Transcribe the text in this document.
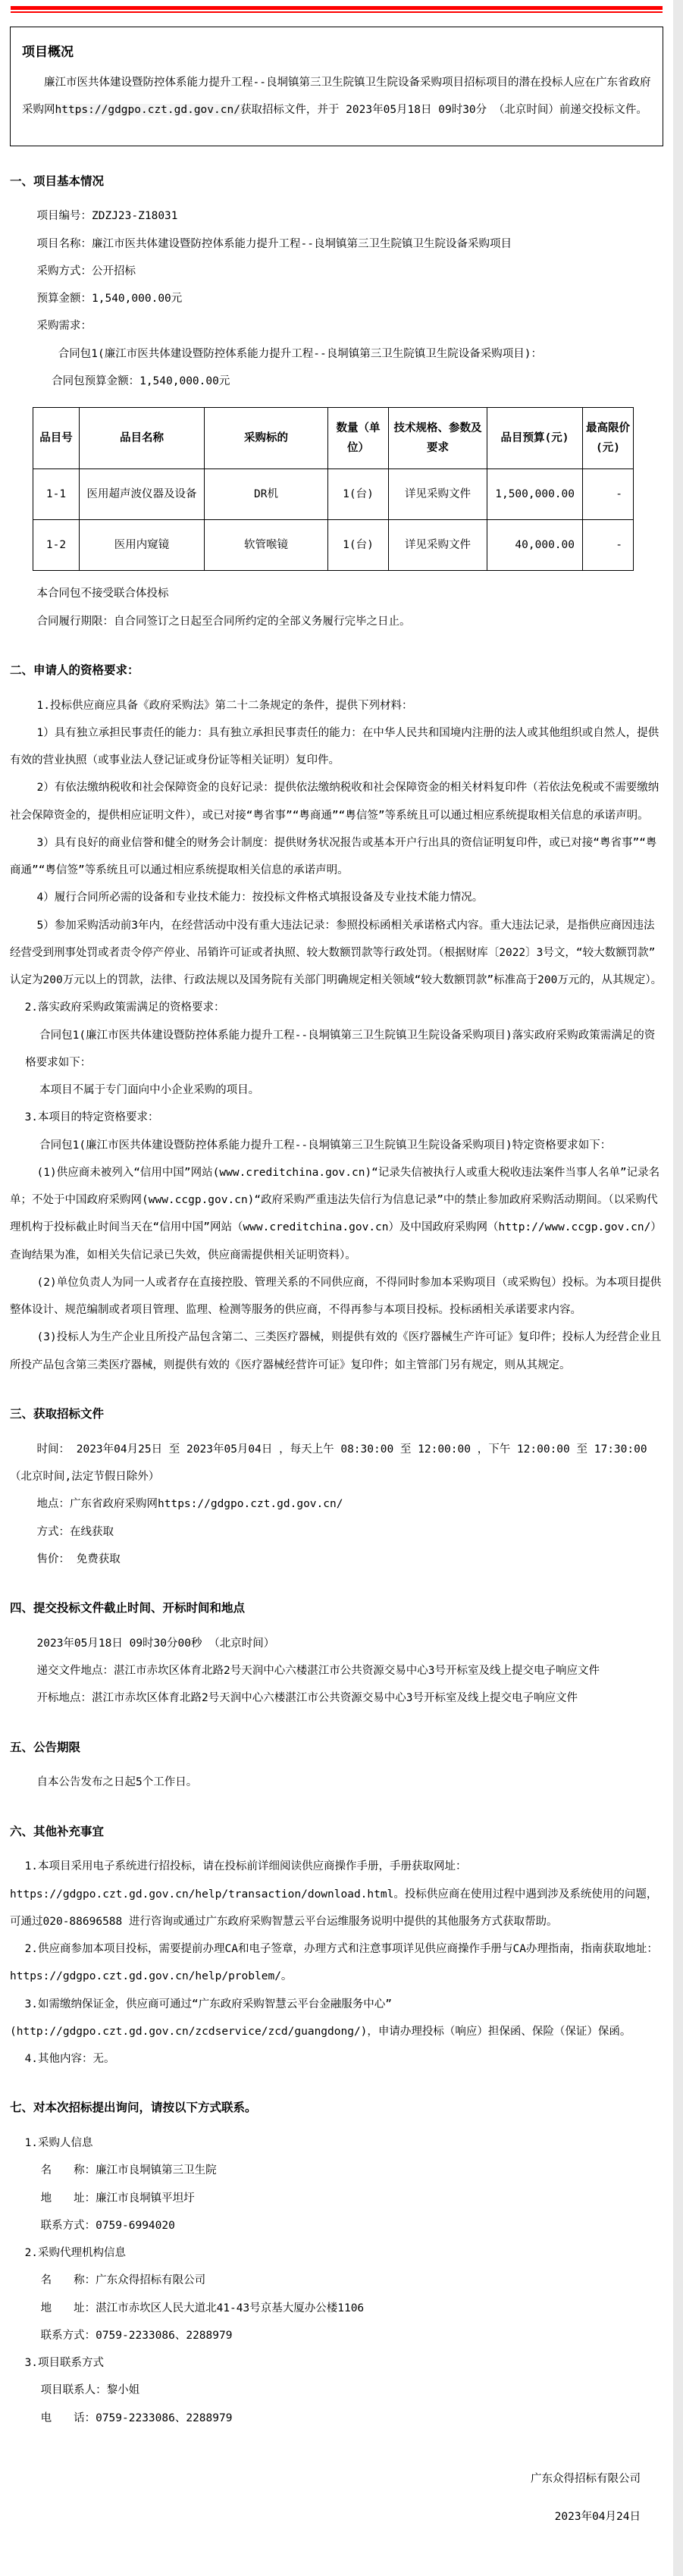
项目概况

廉江市医共体建设暨防控体系能力提升工程--良垌镇第三卫生院镇卫生院设备采购项目招标项目的潜在投标人应在广东省政府采购网https://gdgpo.czt.gd.gov.cn/获取招标文件，并于 2023年05月18日 09时30分 （北京时间）前递交投标文件。

一、项目基本情况

项目编号：ZDZJ23-Z18031

项目名称：廉江市医共体建设暨防控体系能力提升工程--良垌镇第三卫生院镇卫生院设备采购项目

采购方式：公开招标

预算金额：1,540,000.00元

采购需求：

合同包1(廉江市医共体建设暨防控体系能力提升工程--良垌镇第三卫生院镇卫生院设备采购项目)：

合同包预算金额：1,540,000.00元

品目号	品目名称	采购标的	数量（单位）	技术规格、参数及要求	品目预算(元)	最高限价(元)
1-1	医用超声波仪器及设备	DR机	1(台)	详见采购文件	1,500,000.00	-
1-2	医用内窥镜	软管喉镜	1(台)	详见采购文件	40,000.00	-

本合同包不接受联合体投标

合同履行期限：自合同签订之日起至合同所约定的全部义务履行完毕之日止。

二、申请人的资格要求：

1.投标供应商应具备《政府采购法》第二十二条规定的条件，提供下列材料：

1）具有独立承担民事责任的能力：具有独立承担民事责任的能力：在中华人民共和国境内注册的法人或其他组织或自然人，提供有效的营业执照（或事业法人登记证或身份证等相关证明）复印件。

2）有依法缴纳税收和社会保障资金的良好记录：提供依法缴纳税收和社会保障资金的相关材料复印件（若依法免税或不需要缴纳社会保障资金的，提供相应证明文件），或已对接“粤省事”“粤商通”“粤信签”等系统且可以通过相应系统提取相关信息的承诺声明。

3）具有良好的商业信誉和健全的财务会计制度：提供财务状况报告或基本开户行出具的资信证明复印件，或已对接“粤省事”“粤商通”“粤信签”等系统且可以通过相应系统提取相关信息的承诺声明。

4）履行合同所必需的设备和专业技术能力：按投标文件格式填报设备及专业技术能力情况。

5）参加采购活动前3年内，在经营活动中没有重大违法记录：参照投标函相关承诺格式内容。重大违法记录，是指供应商因违法经营受到刑事处罚或者责令停产停业、吊销许可证或者执照、较大数额罚款等行政处罚。（根据财库〔2022〕3号文，“较大数额罚款”认定为200万元以上的罚款，法律、行政法规以及国务院有关部门明确规定相关领域“较大数额罚款”标准高于200万元的，从其规定）。

2.落实政府采购政策需满足的资格要求：

合同包1(廉江市医共体建设暨防控体系能力提升工程--良垌镇第三卫生院镇卫生院设备采购项目)落实政府采购政策需满足的资格要求如下：

本项目不属于专门面向中小企业采购的项目。

3.本项目的特定资格要求：

合同包1(廉江市医共体建设暨防控体系能力提升工程--良垌镇第三卫生院镇卫生院设备采购项目)特定资格要求如下：

(1)供应商未被列入“信用中国”网站(www.creditchina.gov.cn)“记录失信被执行人或重大税收违法案件当事人名单”记录名单；不处于中国政府采购网(www.ccgp.gov.cn)“政府采购严重违法失信行为信息记录”中的禁止参加政府采购活动期间。（以采购代理机构于投标截止时间当天在“信用中国”网站（www.creditchina.gov.cn）及中国政府采购网（http://www.ccgp.gov.cn/）查询结果为准，如相关失信记录已失效，供应商需提供相关证明资料）。

(2)单位负责人为同一人或者存在直接控股、管理关系的不同供应商，不得同时参加本采购项目（或采购包）投标。为本项目提供整体设计、规范编制或者项目管理、监理、检测等服务的供应商，不得再参与本项目投标。投标函相关承诺要求内容。

(3)投标人为生产企业且所投产品包含第二、三类医疗器械，则提供有效的《医疗器械生产许可证》复印件；投标人为经营企业且所投产品包含第三类医疗器械，则提供有效的《医疗器械经营许可证》复印件；如主管部门另有规定，则从其规定。

三、获取招标文件

时间： 2023年04月25日 至 2023年05月04日 ，每天上午 08:30:00 至 12:00:00 ，下午 12:00:00 至 17:30:00 （北京时间,法定节假日除外）

地点：广东省政府采购网https://gdgpo.czt.gd.gov.cn/

方式：在线获取

售价： 免费获取

四、提交投标文件截止时间、开标时间和地点

2023年05月18日 09时30分00秒 （北京时间）

递交文件地点：湛江市赤坎区体育北路2号天润中心六楼湛江市公共资源交易中心3号开标室及线上提交电子响应文件

开标地点：湛江市赤坎区体育北路2号天润中心六楼湛江市公共资源交易中心3号开标室及线上提交电子响应文件

五、公告期限

自本公告发布之日起5个工作日。

六、其他补充事宜

1.本项目采用电子系统进行招投标，请在投标前详细阅读供应商操作手册，手册获取网址：https://gdgpo.czt.gd.gov.cn/help/transaction/download.html。投标供应商在使用过程中遇到涉及系统使用的问题，可通过020-88696588 进行咨询或通过广东政府采购智慧云平台运维服务说明中提供的其他服务方式获取帮助。

2.供应商参加本项目投标，需要提前办理CA和电子签章，办理方式和注意事项详见供应商操作手册与CA办理指南，指南获取地址：https://gdgpo.czt.gd.gov.cn/help/problem/。

3.如需缴纳保证金，供应商可通过“广东政府采购智慧云平台金融服务中心”(http://gdgpo.czt.gd.gov.cn/zcdservice/zcd/guangdong/)，申请办理投标（响应）担保函、保险（保证）保函。

4.其他内容：无。

七、对本次招标提出询问，请按以下方式联系。

1.采购人信息

名　　称：廉江市良垌镇第三卫生院

地　　址：廉江市良垌镇平坦圩

联系方式：0759-6994020

2.采购代理机构信息

名　　称：广东众得招标有限公司

地　　址：湛江市赤坎区人民大道北41-43号京基大厦办公楼1106

联系方式：0759-2233086、2288979

3.项目联系方式

项目联系人：黎小姐

电　　话：0759-2233086、2288979

广东众得招标有限公司

2023年04月24日
